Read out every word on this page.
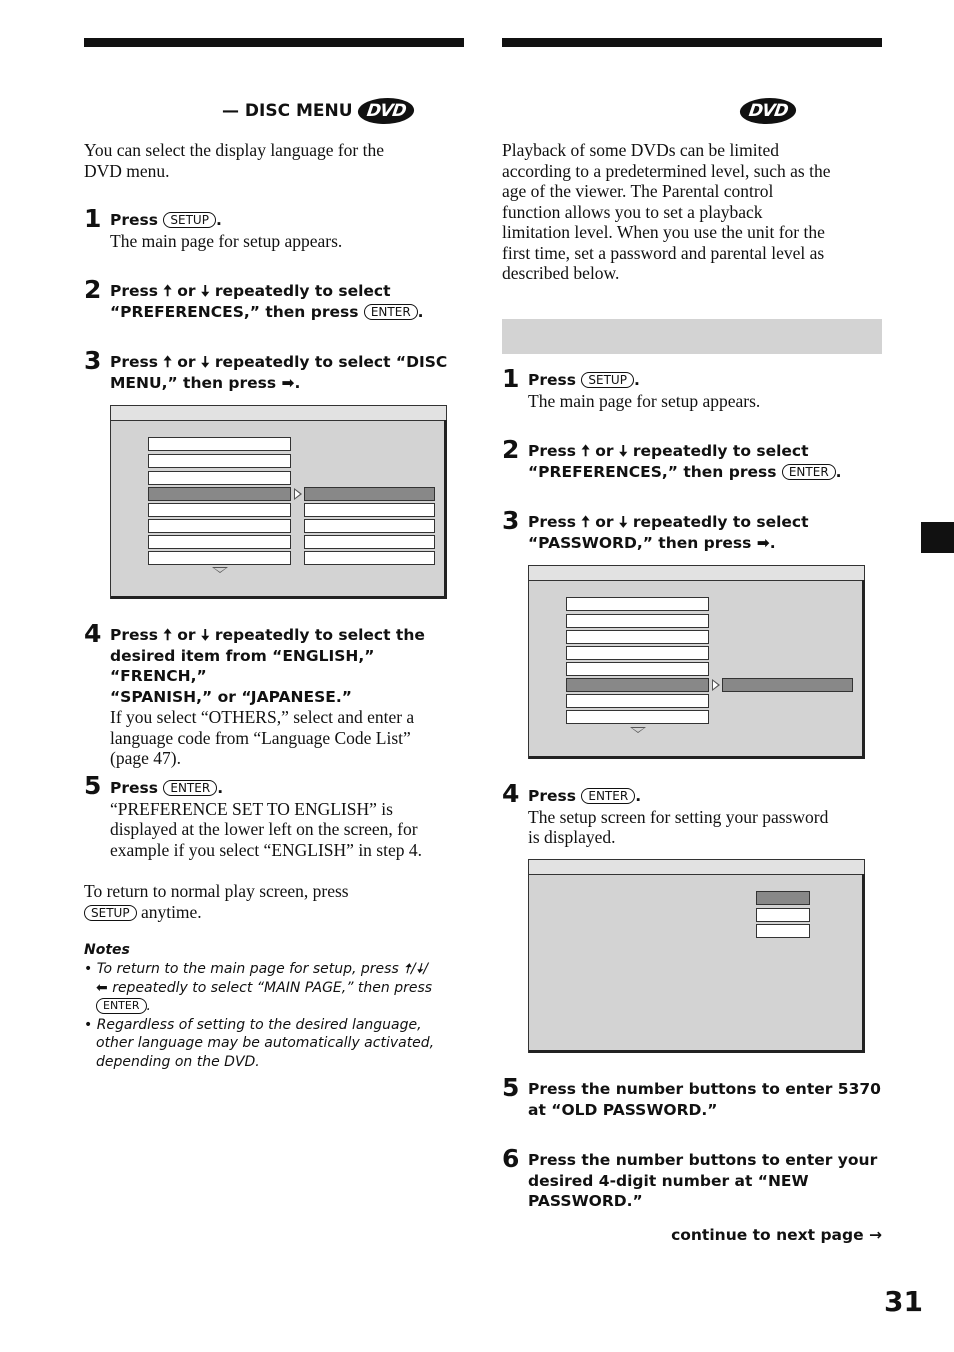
— DISC MENU DVD
You can select the display language for the
DVD menu.
1 Press SETUP .
The main page for setup appears.
2 Press 🠅 or 🠇 repeatedly to select
“PREFERENCES,” then press ENTER .
3 Press 🠅 or 🠇 repeatedly to select “DISC
MENU,” then press ➡.
4 Press 🠅 or 🠇 repeatedly to select the
desired item from “ENGLISH,” “FRENCH,”
“SPANISH,” or “JAPANESE.”
If you select “OTHERS,” select and enter a
language code from “Language Code List”
(page 47).
5 Press ENTER .
“PREFERENCE SET TO ENGLISH” is
displayed at the lower left on the screen, for
example if you select “ENGLISH” in step 4.
To return to normal play screen, press
SETUP anytime.
Notes
• To return to the main page for setup, press 🠅/🠇/
⬅ repeatedly to select “MAIN PAGE,” then press
ENTER .
• Regardless of setting to the desired language,
other language may be automatically activated,
depending on the DVD.
DVD
Playback of some DVDs can be limited
according to a predetermined level, such as the
age of the viewer. The Parental control
function allows you to set a playback
limitation level. When you use the unit for the
first time, set a password and parental level as
described below.
1 Press SETUP .
The main page for setup appears.
2 Press 🠅 or 🠇 repeatedly to select
“PREFERENCES,” then press ENTER .
3 Press 🠅 or 🠇 repeatedly to select
“PASSWORD,” then press ➡.
4 Press ENTER .
The setup screen for setting your password
is displayed.
5 Press the number buttons to enter 5370
at “OLD PASSWORD.”
6 Press the number buttons to enter your
desired 4-digit number at “NEW
PASSWORD.”
continue to next page →
31
